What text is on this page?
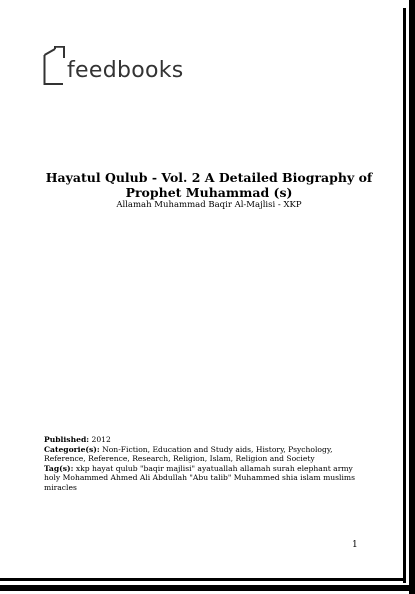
feedbooks
Hayatul Qulub - Vol. 2 A Detailed Biography of Prophet Muhammad (s)
Allamah Muhammad Baqir Al-Majlisi - XKP

Published: 2012

Categorie(s): Non-Fiction, Education and Study aids, History, Psychology, Reference, Reference, Research, Religion, Islam, Religion and Society

Tag(s): xkp hayat qulub "baqir majlisi" ayatuallah allamah surah elephant army holy Mohammed Ahmed Ali Abdullah "Abu talib" Muhammed shia islam muslims miracles

1
